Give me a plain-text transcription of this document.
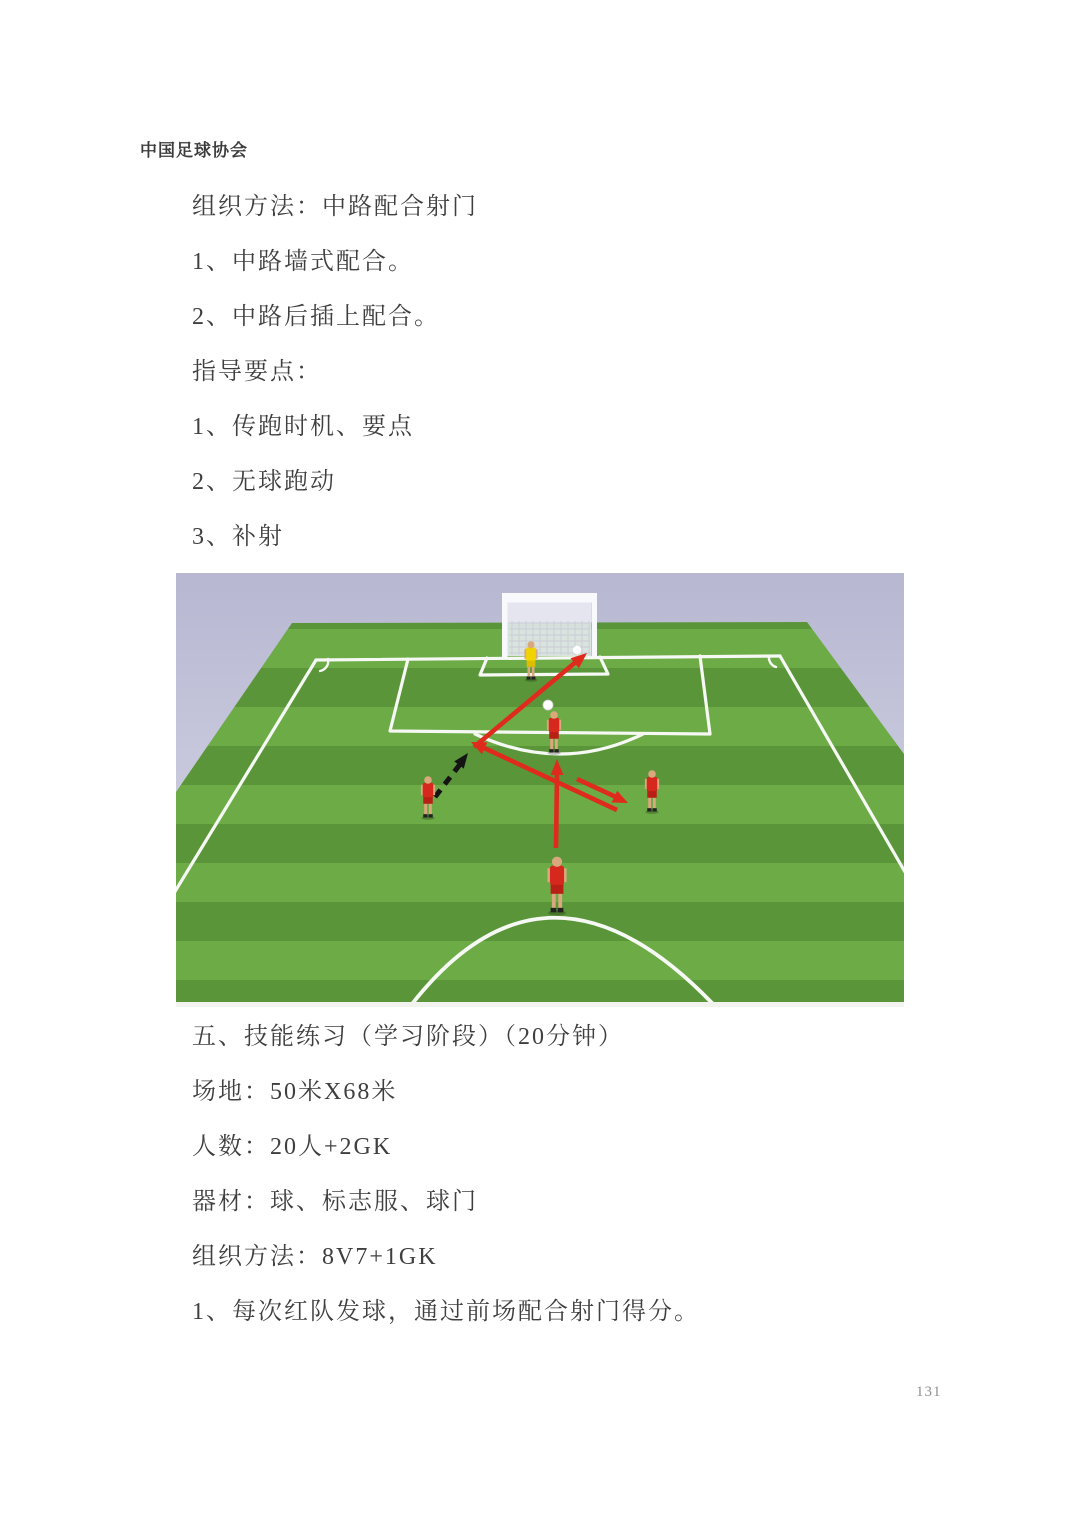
中国足球协会

组织方法：中路配合射门

1、中路墙式配合。

2、中路后插上配合。

指导要点：

1、传跑时机、要点

2、无球跑动

3、补射

五、技能练习（学习阶段）（20分钟）

场地：50米X68米

人数：20人+2GK

器材：球、标志服、球门

组织方法：8V7+1GK

1、每次红队发球，通过前场配合射门得分。

131
